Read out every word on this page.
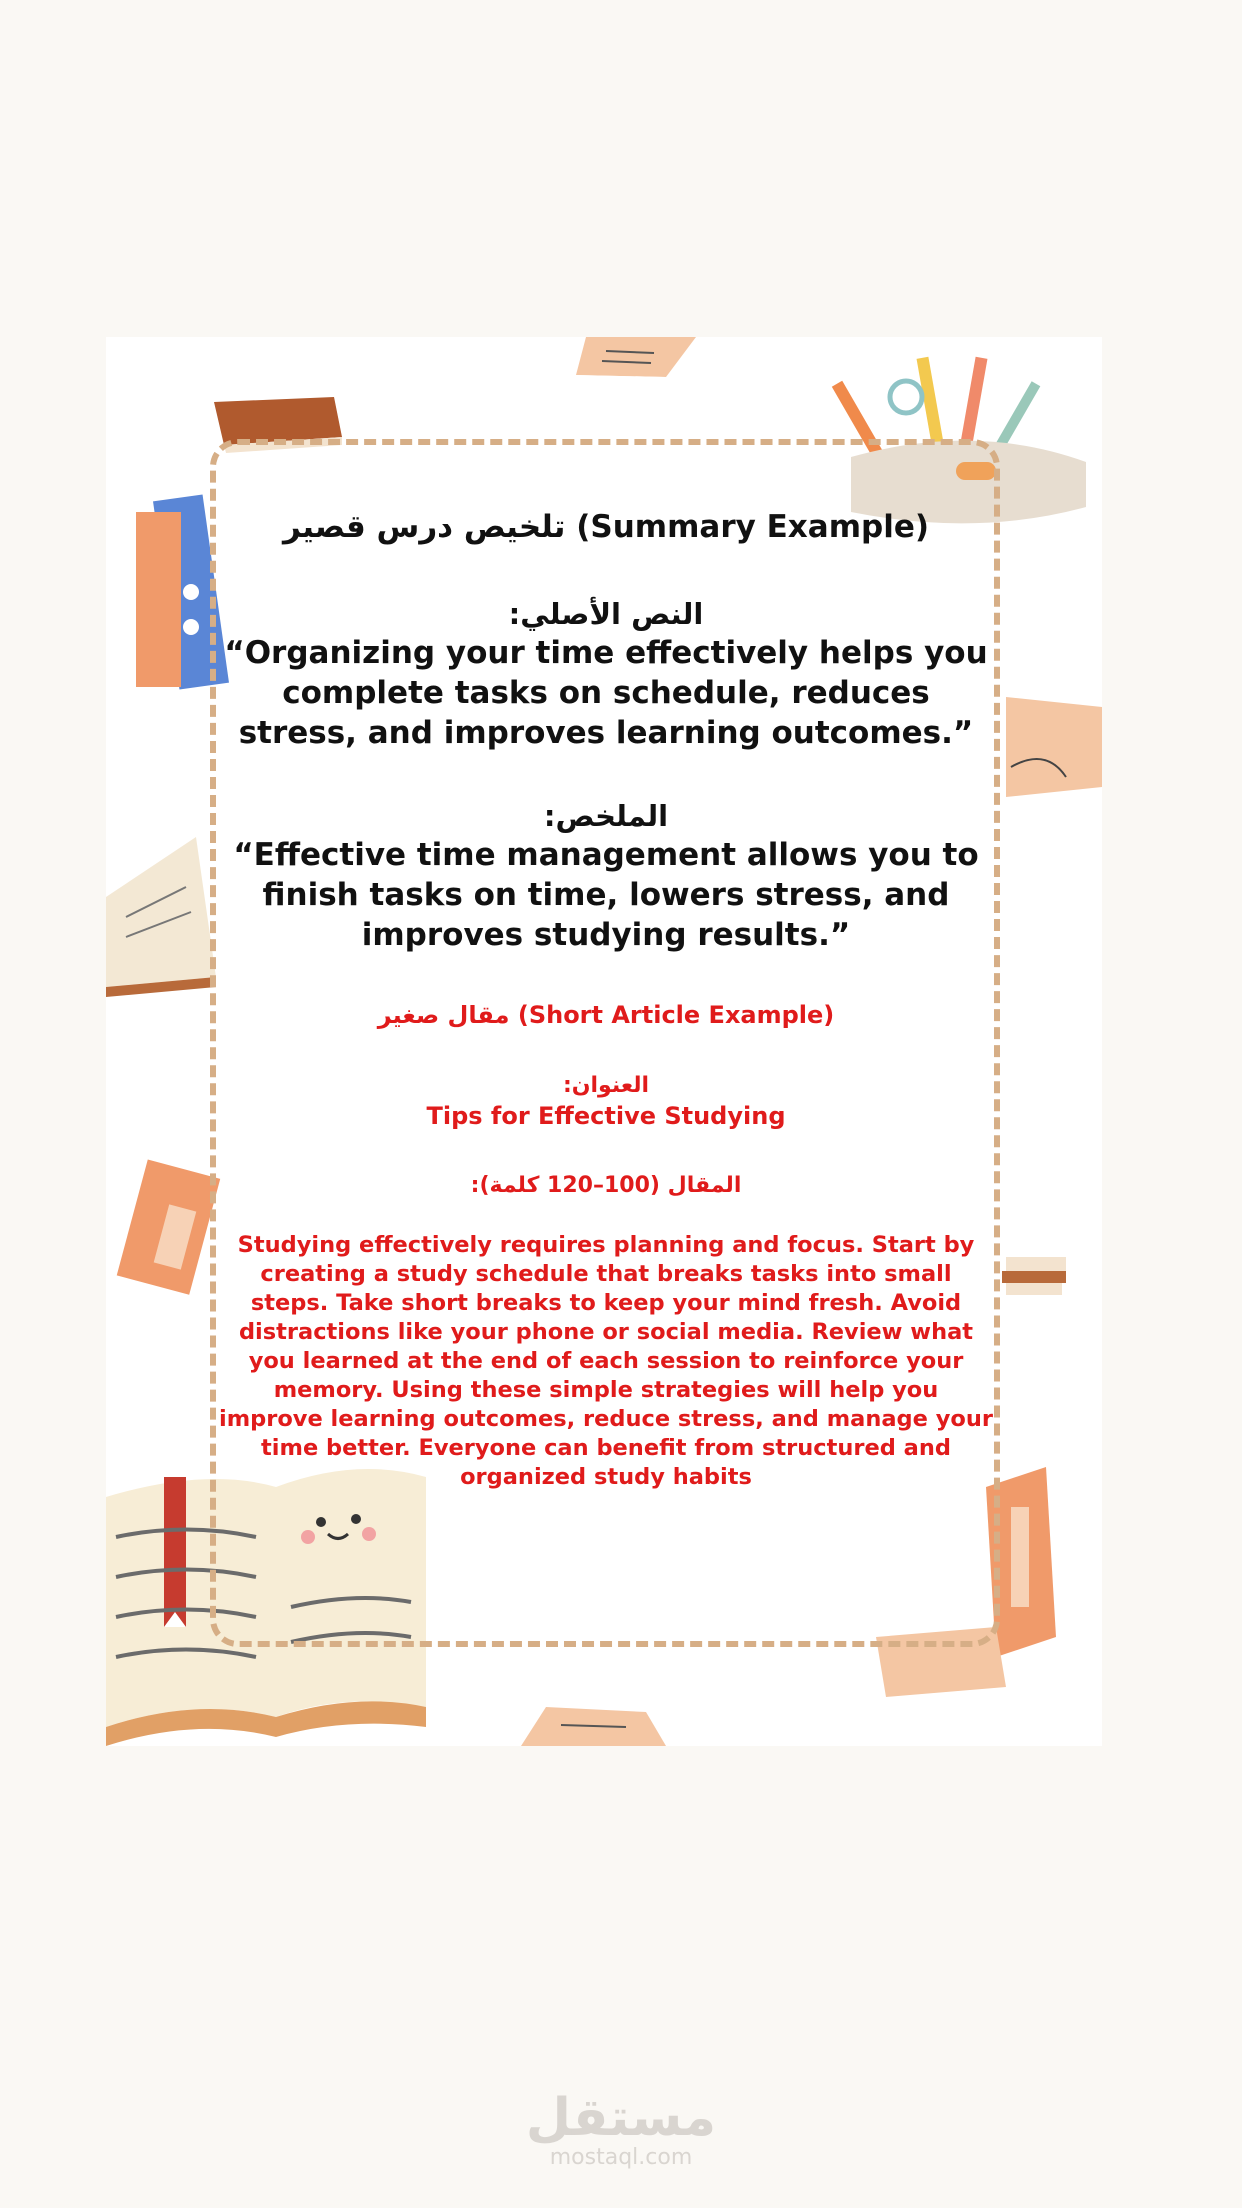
تلخيص درس قصير (Summary Example)

النص الأصلي:

“Organizing your time effectively helps you complete tasks on schedule, reduces stress, and improves learning outcomes.”

الملخص:

“Effective time management allows you to finish tasks on time, lowers stress, and improves studying results.”

مقال صغير (Short Article Example)

العنوان:

Tips for Effective Studying

المقال (100–120 كلمة):

Studying effectively requires planning and focus. Start by creating a study schedule that breaks tasks into small steps. Take short breaks to keep your mind fresh. Avoid distractions like your phone or social media. Review what you learned at the end of each session to reinforce your memory. Using these simple strategies will help you improve learning outcomes, reduce stress, and manage your time better. Everyone can benefit from structured and organized study habits

مستقل
mostaql.com
